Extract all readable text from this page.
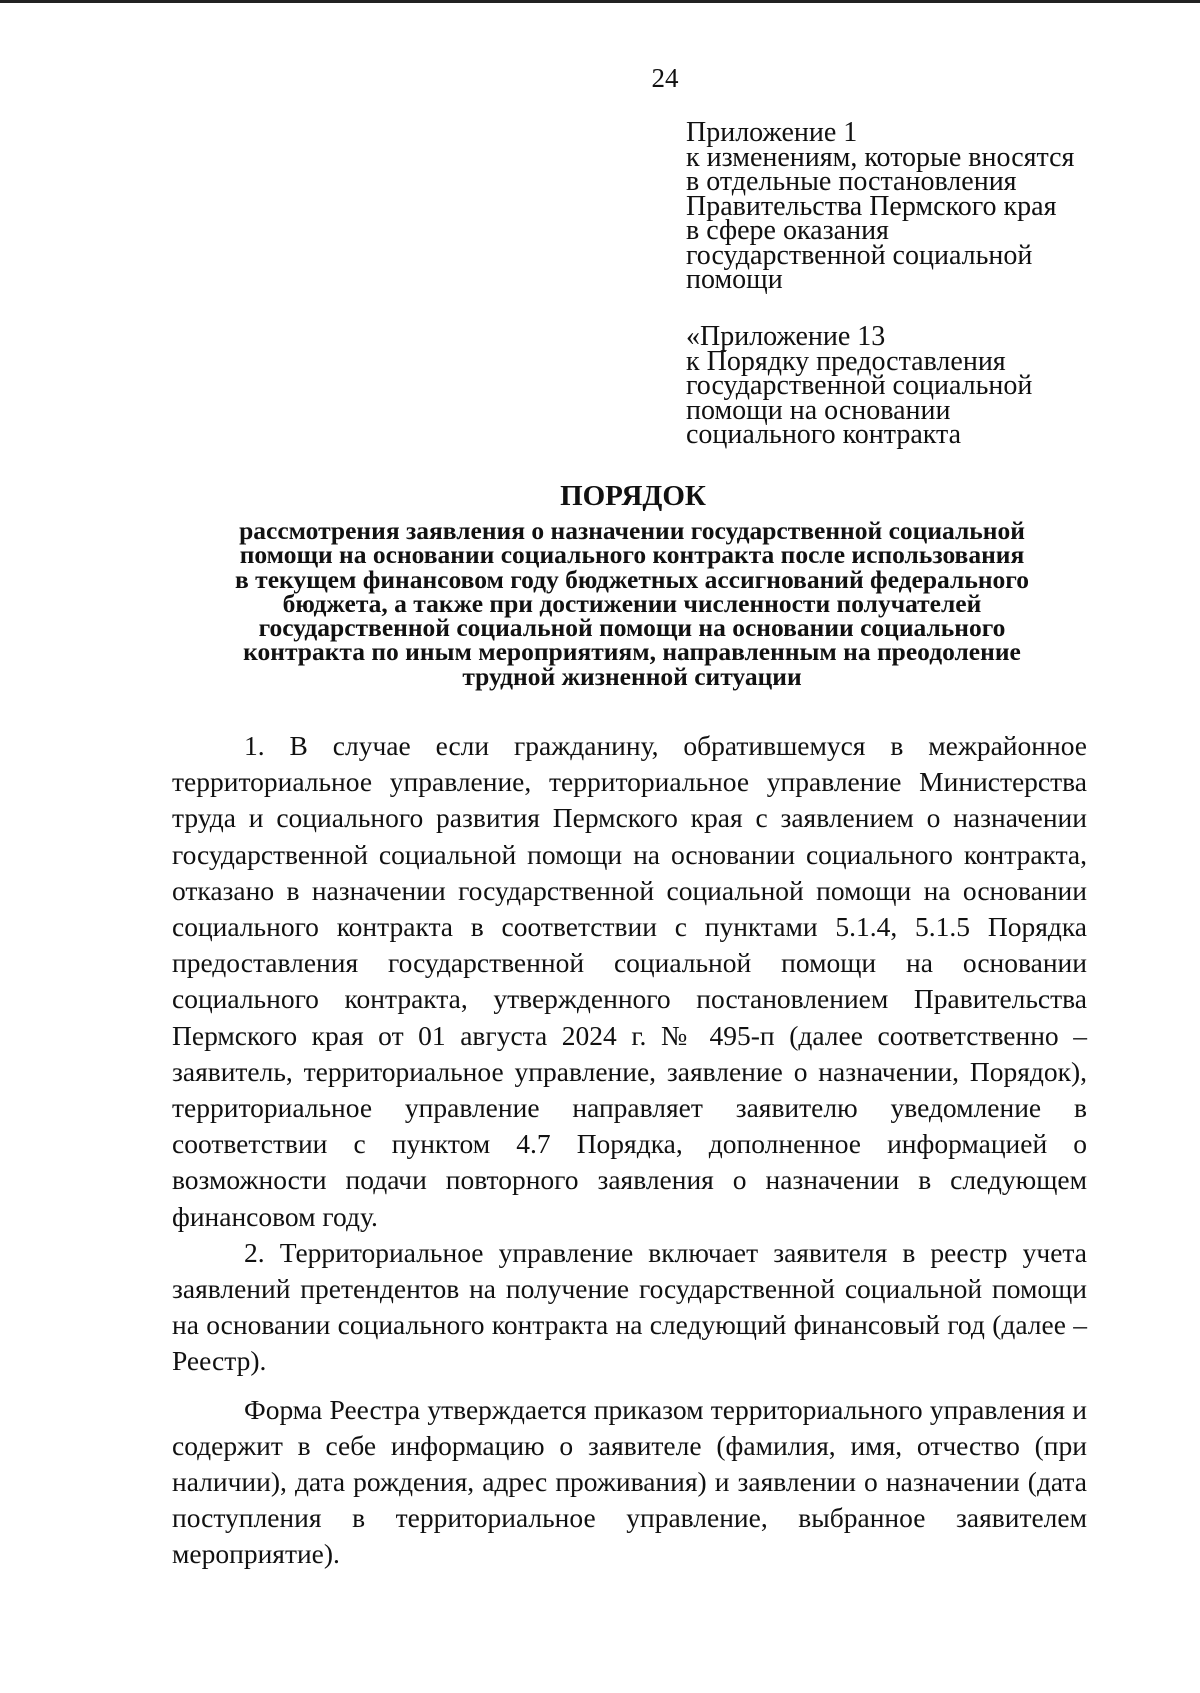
24
Приложение 1
к изменениям, которые вносятся
в отдельные постановления
Правительства Пермского края
в сфере оказания
государственной социальной
помощи
«Приложение 13
к Порядку предоставления
государственной социальной
помощи на основании
социального контракта
ПОРЯДОК
рассмотрения заявления о назначении государственной социальной
помощи на основании социального контракта после использования
в текущем финансовом году бюджетных ассигнований федерального
бюджета, а также при достижении численности получателей
государственной социальной помощи на основании социального
контракта по иным мероприятиям, направленным на преодоление
трудной жизненной ситуации

1. В случае если гражданину, обратившемуся в межрайонное территориальное управление, территориальное управление Министерства труда и социального развития Пермского края с заявлением о назначении государственной социальной помощи на основании социального контракта, отказано в назначении государственной социальной помощи на основании социального контракта в соответствии с пунктами 5.1.4, 5.1.5 Порядка предоставления государственной социальной помощи на основании социального контракта, утвержденного постановлением Правительства Пермского края от 01 августа 2024 г. № 495-п (далее соответственно – заявитель, территориальное управление, заявление о назначении, Порядок), территориальное управление направляет заявителю уведомление в соответствии с пунктом 4.7 Порядка, дополненное информацией о возможности подачи повторного заявления о назначении в следующем финансовом году.

2. Территориальное управление включает заявителя в реестр учета заявлений претендентов на получение государственной социальной помощи на основании социального контракта на следующий финансовый год (далее – Реестр).

Форма Реестра утверждается приказом территориального управления и содержит в себе информацию о заявителе (фамилия, имя, отчество (при наличии), дата рождения, адрес проживания) и заявлении о назначении (дата поступления в территориальное управление, выбранное заявителем мероприятие).
